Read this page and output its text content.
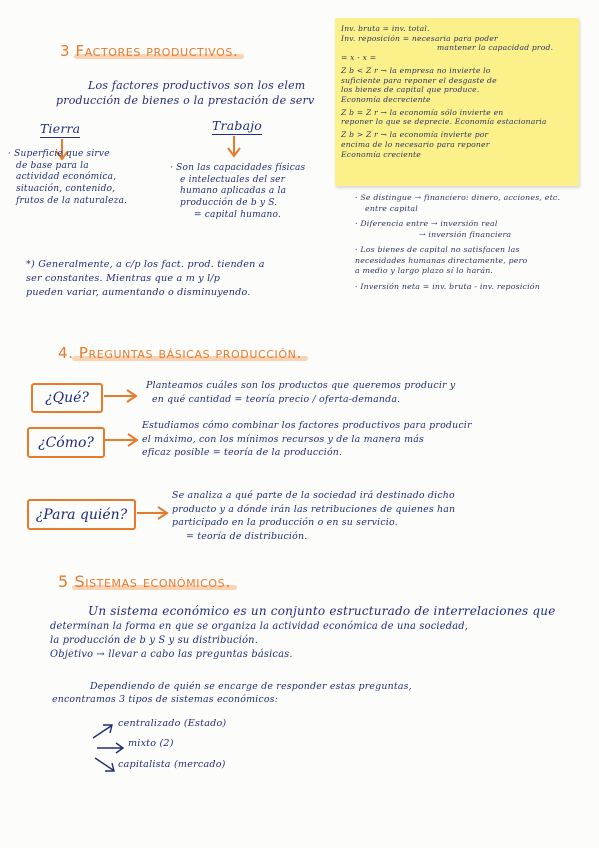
3 Factores productivos.
Los factores productivos son los elem
producción de bienes o la prestación de serv
Tierra
· Superficie que sirve
de base para la
actividad económica,
situación, contenido,
frutos de la naturaleza.
Trabajo
· Son las capacidades físicas
e intelectuales del ser
humano aplicadas a la
producción de b y S.
= capital humano.
*) Generalmente, a c/p los fact. prod. tienden a
ser constantes. Mientras que a m y l/p
pueden variar, aumentando o disminuyendo.
Inv. bruta = inv. total.
Inv. reposición = necesaria para poder
mantener la capacidad prod.
= x - x =
Z b < Z r → la empresa no invierte lo
suficiente para reponer el desgaste de
los bienes de capital que produce.
Economía decreciente
Z b = Z r → la economía sólo invierte en
reponer lo que se deprecie. Economía estacionaria
Z b > Z r → la economía invierte por
encima de lo necesario para reponer
Economía creciente
· Se distingue → financiero: dinero, acciones, etc.
entre capital
· Diferencia entre → inversión real
→ inversión financiera
· Los bienes de capital no satisfacen las
necesidades humanas directamente, pero
a medio y largo plazo sí lo harán.
· Inversión neta = inv. bruta - inv. reposición
4. Preguntas básicas producción.
¿Qué?
Planteamos cuáles son los productos que queremos producir y
en qué cantidad = teoría precio / oferta-demanda.
¿Cómo?
Estudiamos cómo combinar los factores productivos para producir
el máximo, con los mínimos recursos y de la manera más
eficaz posible = teoría de la producción.
¿Para quién?
Se analiza a qué parte de la sociedad irá destinado dicho
producto y a dónde irán las retribuciones de quienes han
participado en la producción o en su servicio.
= teoría de distribución.
5 Sistemas económicos.
Un sistema económico es un conjunto estructurado de interrelaciones que
determinan la forma en que se organiza la actividad económica de una sociedad,
la producción de b y S y su distribución.
Objetivo → llevar a cabo las preguntas básicas.
Dependiendo de quién se encarge de responder estas preguntas,
encontramos 3 tipos de sistemas económicos:
centralizado (Estado)
mixto (2)
capitalista (mercado)
